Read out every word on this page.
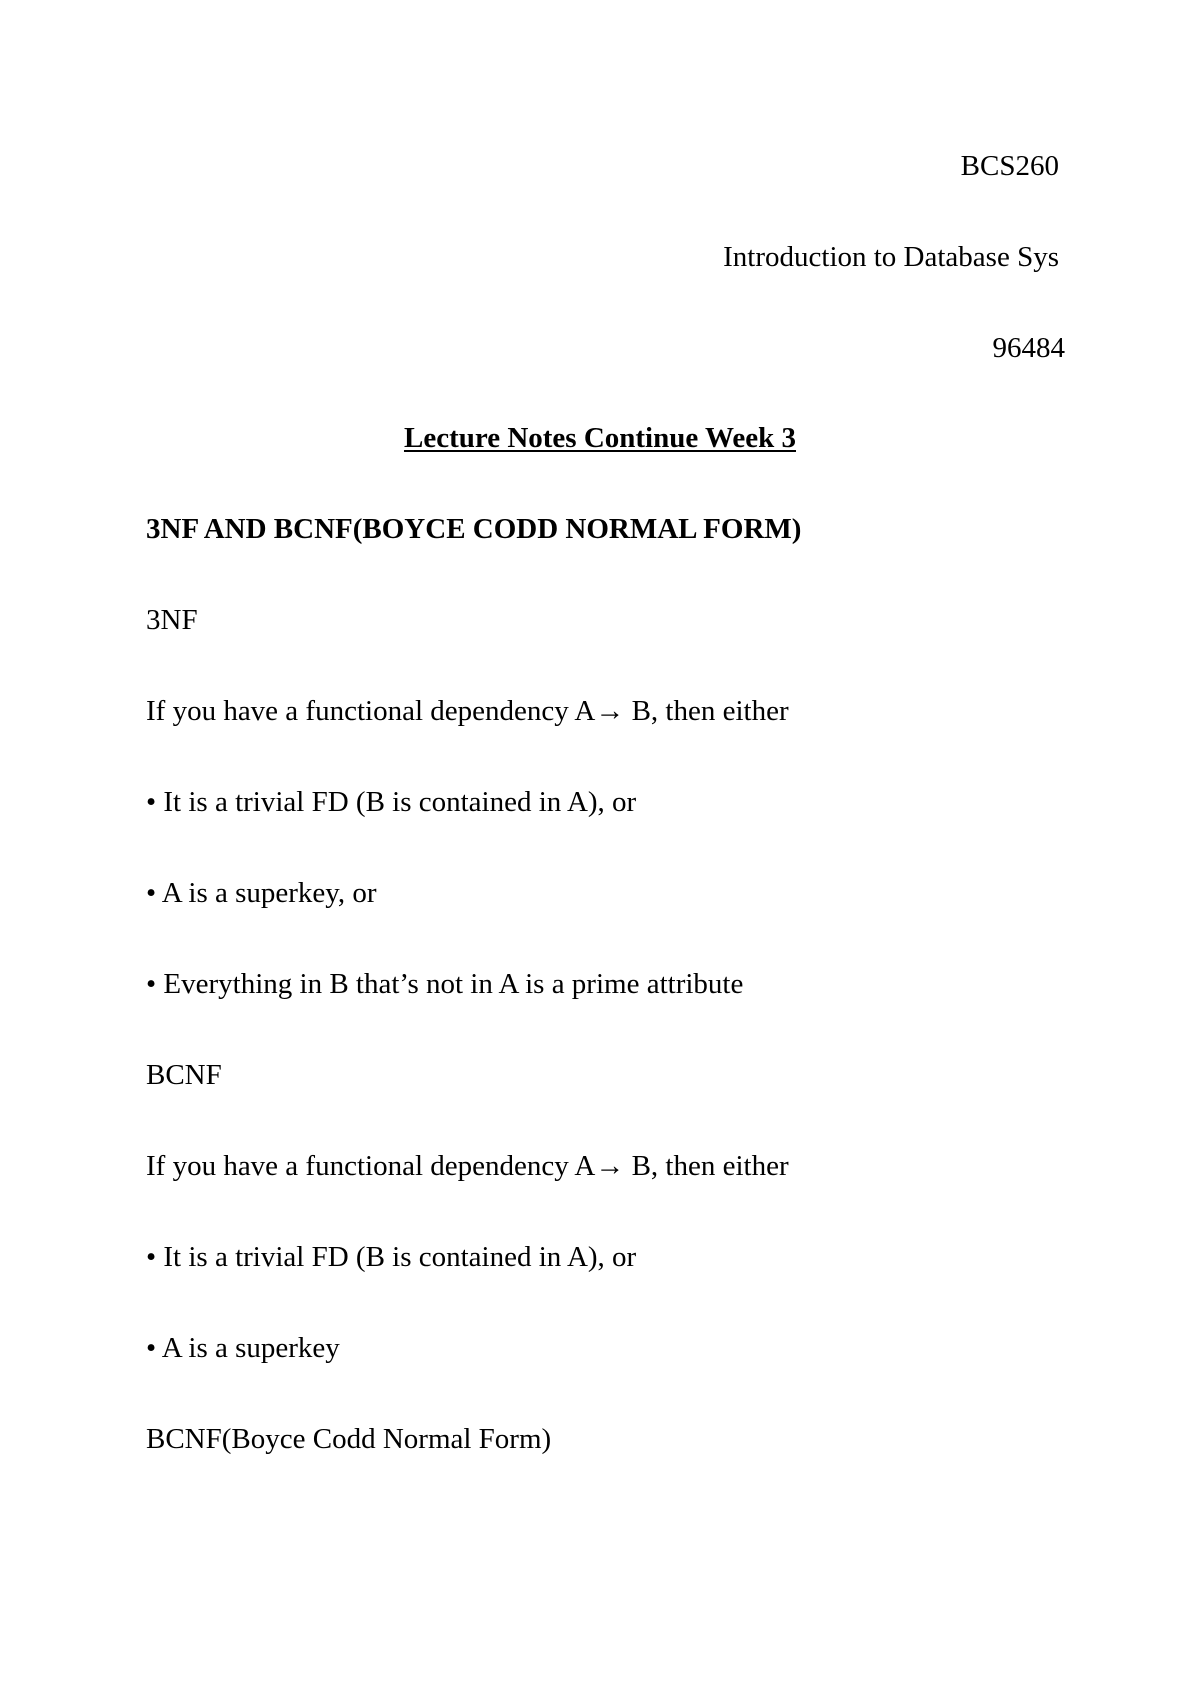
BCS260

Introduction to Database Sys

96484

Lecture Notes Continue Week 3

3NF AND BCNF(BOYCE CODD NORMAL FORM)

3NF

If you have a functional dependency A→ B, then either

• It is a trivial FD (B is contained in A), or

• A is a superkey, or

• Everything in B that’s not in A is a prime attribute

BCNF

If you have a functional dependency A→ B, then either

• It is a trivial FD (B is contained in A), or

• A is a superkey

BCNF(Boyce Codd Normal Form)
